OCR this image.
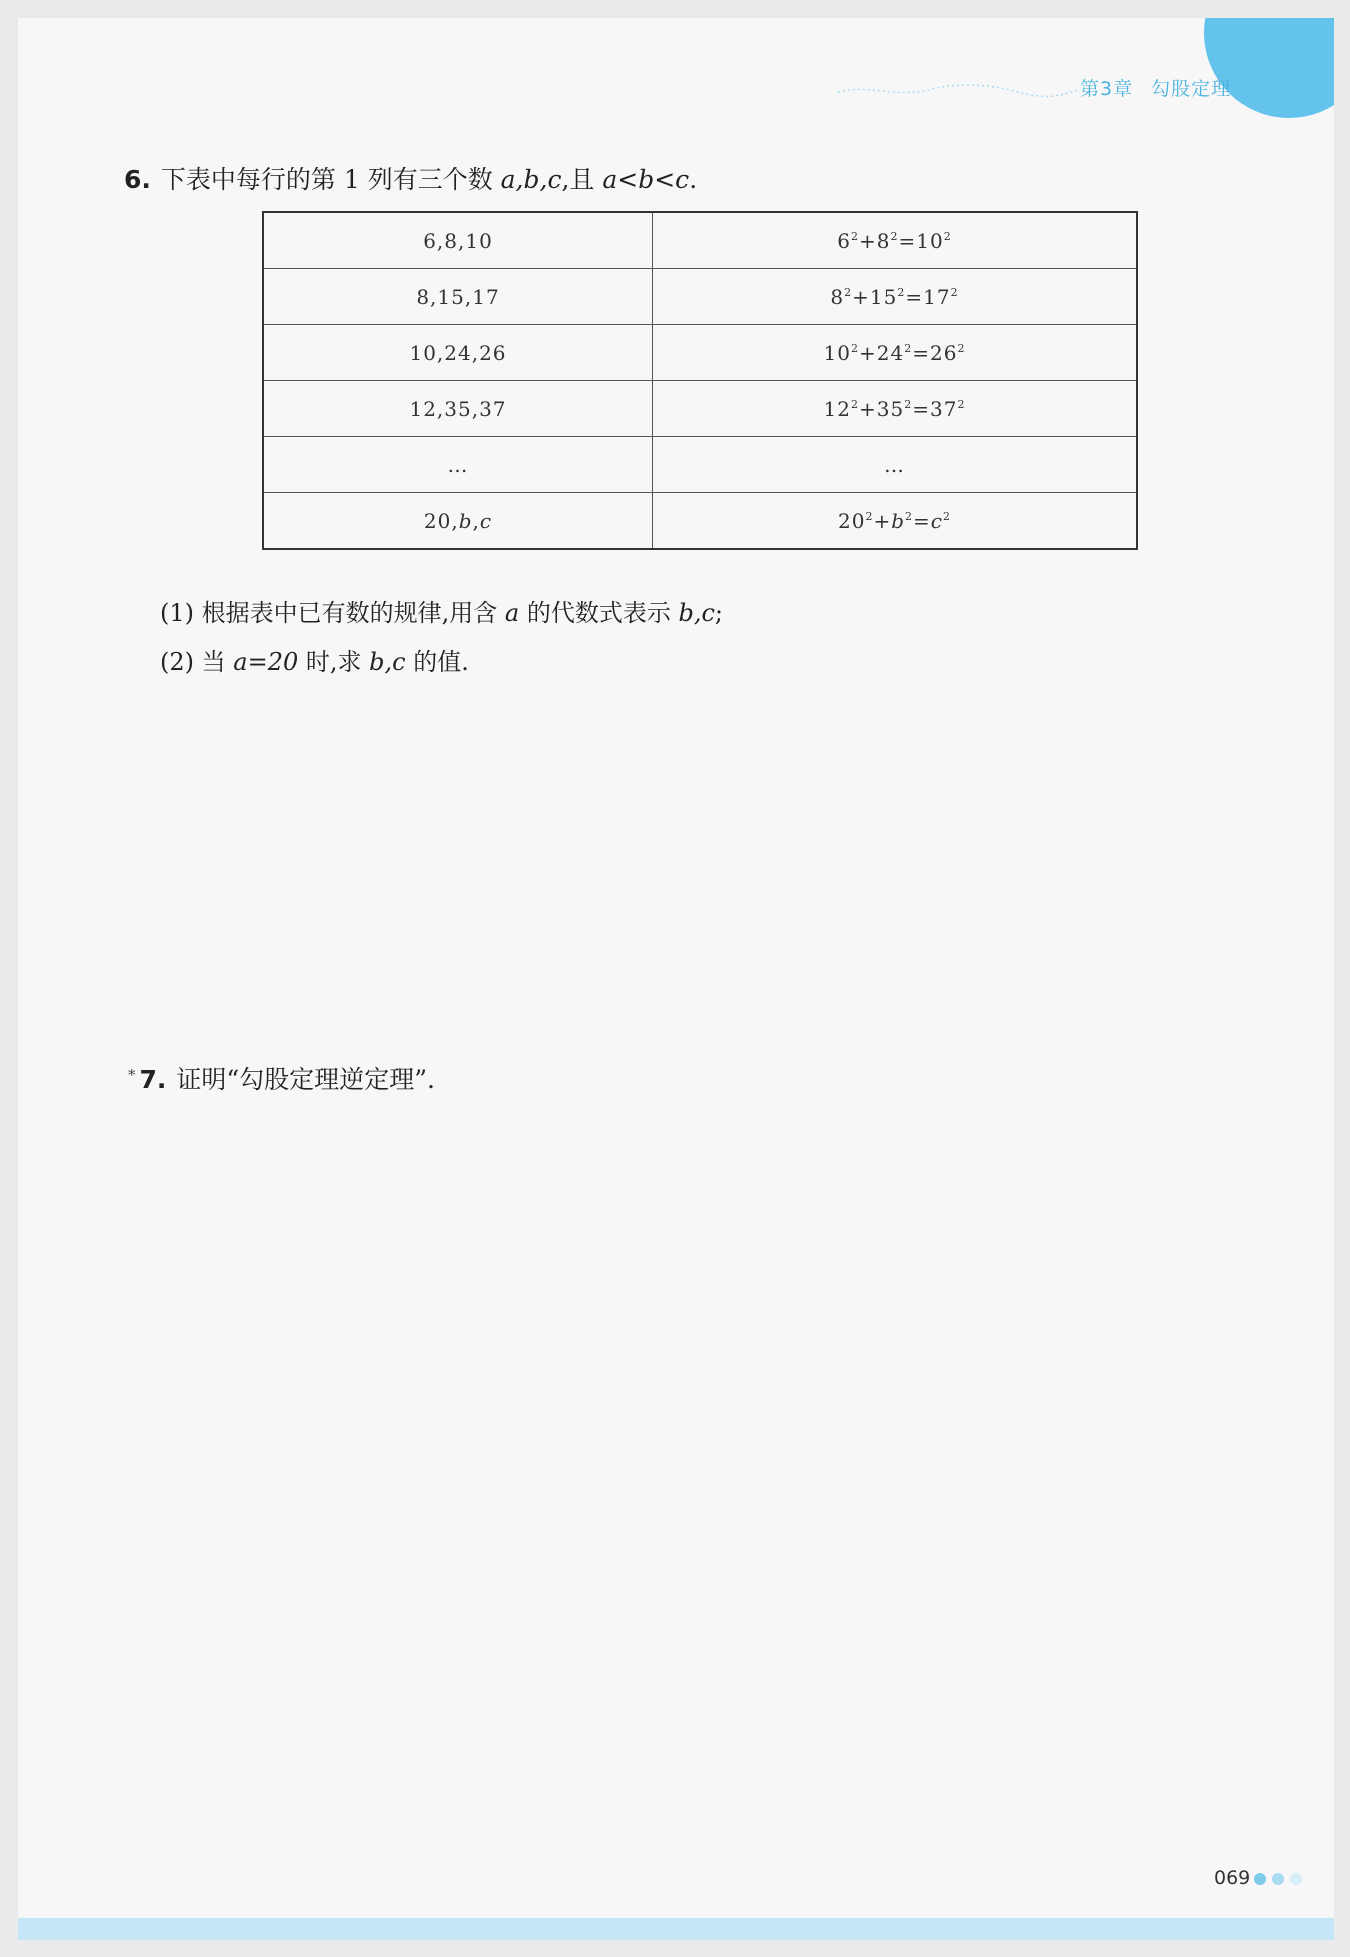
第3章 勾股定理
6. 下表中每行的第 1 列有三个数 a,b,c,且 a<b<c.
6,8,10	$6^2+8^2=10^2$
8,15,17	$8^2+15^2=17^2$
10,24,26	$10^2+24^2=26^2$
12,35,37	$12^2+35^2=37^2$
…	…
20,b,c	$20^2+b^2=c^2$
(1) 根据表中已有数的规律,用含 a 的代数式表示 b,c;
(2) 当 a=20 时,求 b,c 的值.
* 7. 证明“勾股定理逆定理”.
069
